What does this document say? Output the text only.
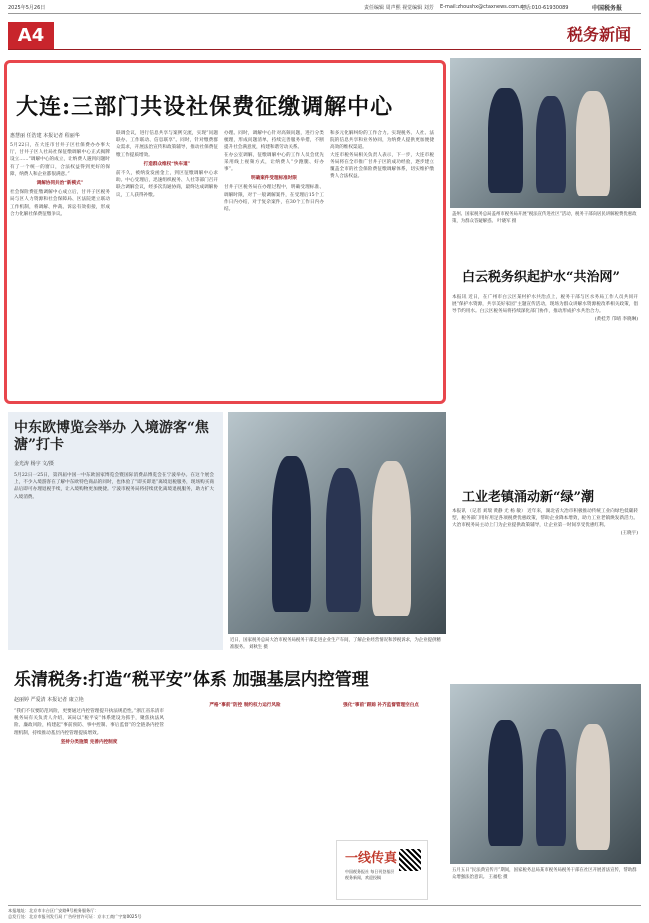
2025年5月26日	责任编辑 周声熙 视觉编辑 刘芳 E-mail:zhoushx@ctaxnews.com.cn
电话:010-61930089	中国税务报
A4	税务新闻
大连:三部门共设社保费征缴调解中心
惠慧丽 任浩建 本报记者 程丽华

5月22日，在大连市甘井子区社保费办办事大厅，甘井子区人社局社保征缴调解中心正式揭牌设立……“调解中心的成立，让纳费人遇到问题时有了一个统一的窗口，合法权益得到更好的保障，纳费人和企业都很满意。”

调解协同共治“新模式”

社会保险费征缴调解中心成立后，甘井子区税务局与区人力资源和社会保障局、区法院建立联动工作机制，将调解、仲裁、诉讼有效衔接，形成合力化解社保费征缴争议。

联调会议，进行信息共享与案例交流，实现“问题联办、工作联动、信息联享”。同时，针对缴费群众需求，开展法治宣传和政策辅导，推动社保费征缴工作提质增效。

打造群众维权“快车道”

前不久，被纳发发函金上，到区征缴调解中心求助。中心受理后，迅速组织税务、人社等部门召开联合调解会议，经多次沟通协商，最终达成调解协议，工人获得补缴。

办理。同时，调解中心针对高频问题，进行分类梳理，形成问题清单，持续完善服务举措，不断提升社会满意度，构建和谐劳动关系。

在办公室调解，征缴调解中心的工作人员会优先采用线上视频方式，让纳费人“少跑腿、好办事”。

明确案件受理标准时限

甘井子区税务局在办理过程中，明确受理标准、调解时限，对于一般调解案件，在受理后15个工作日内办结，对于复杂案件，在30个工作日内办结。

和多元化解纠纷的工作合力。实现税务、人社、法院的信息共享和业务协同，为纳费人提供更加便捷高效的维权渠道。

大连市税务局相关负责人表示，下一步，大连市税务局将在全市推广甘井子区的成功经验，逐步建立覆盖全市的社会保险费征缴调解体系，切实维护缴费人合法权益。

盖州、国家税务总局盖州市税务局开展“税法宣传进社区”活动，税务干部向居民讲解税费优惠政策，为群众答疑解惑。 叶晓军 摄
白云税务织起护水“共治网”

本报讯 近日，在广州市白云区某村护水共治点上，税务干部与区水务局工作人员共同开展“保护水资源，共享美好家园”主题宣传活动，现场为群众讲解水资源税改革相关政策，倡导节约用水。白云区税务局将持续深化部门协作，推动形成护水共治合力。

(黄桂芳 邝晴 李晓琳)

中东欧博览会举办 入境游客“焦溏”打卡
金光涛 杨宇 文/摄

5月22日一25日，第四届中国一中东欧国家博览会暨国际消费品博览会在宁波举办。在这个展会上，不少入境游客在了解中东欧特色商品的同时，也体验了“即买即退”离境退税服务，现场购买商品后即可办理退税手续，让入境购物更加便捷。宁波市税务局将持续优化离境退税服务，助力扩大入境消费。

近日，国家税务总局大冶市税务局税务干部走进企业生产车间，了解企业经营情况和涉税诉求，为企业提供精准服务。 刘秋生 摄
工业老镇涌动新“绿”潮

本报讯 （记者 刘瑞 黄静 尤 杨 敏） 近年来，湖北省大冶市积极推动传统工业向绿色低碳转型，税务部门用好用足各项税费优惠政策，帮助企业降本增效，助力工业老镇焕发新活力。大冶市税务局主动上门为企业提供政策辅导，让企业第一时间享受优惠红利。

(王晓宇)

乐清税务:打造“税平安”体系 加强基层内控管理
赵丽婷 严爱清 本报记者 康立艳

“我们不仅要防范风险，更要通过内控管理提升执法规范性。”浙江省乐清市税务局有关负责人介绍，该局以“税平安”体系建设为抓手，聚焦执法风险、廉政风险，构建起“事前预防、事中控制、事后监督”的全链条内控管理机制，持续推动基层内控管理提质增效。

坚持分类施策 完善内控制度

严格“事前”防控 制约权力运行风险	强化“事前”跟踪 补齐监督管理空白点

一线传真
中国税务报社 每日刊登基层税务新闻，欢迎投稿
五月五日“民法典宣传月”期间，国家税务总局某市税务局税务干部在社区开展普法宣传，帮助群众增强法治意识。 王福松 摄
本报地址：北京市丰台区广安路9号税务服务厅：
总发行处：北京市报刊发行局 广告经营许可证：京丰工商广字第0025号
